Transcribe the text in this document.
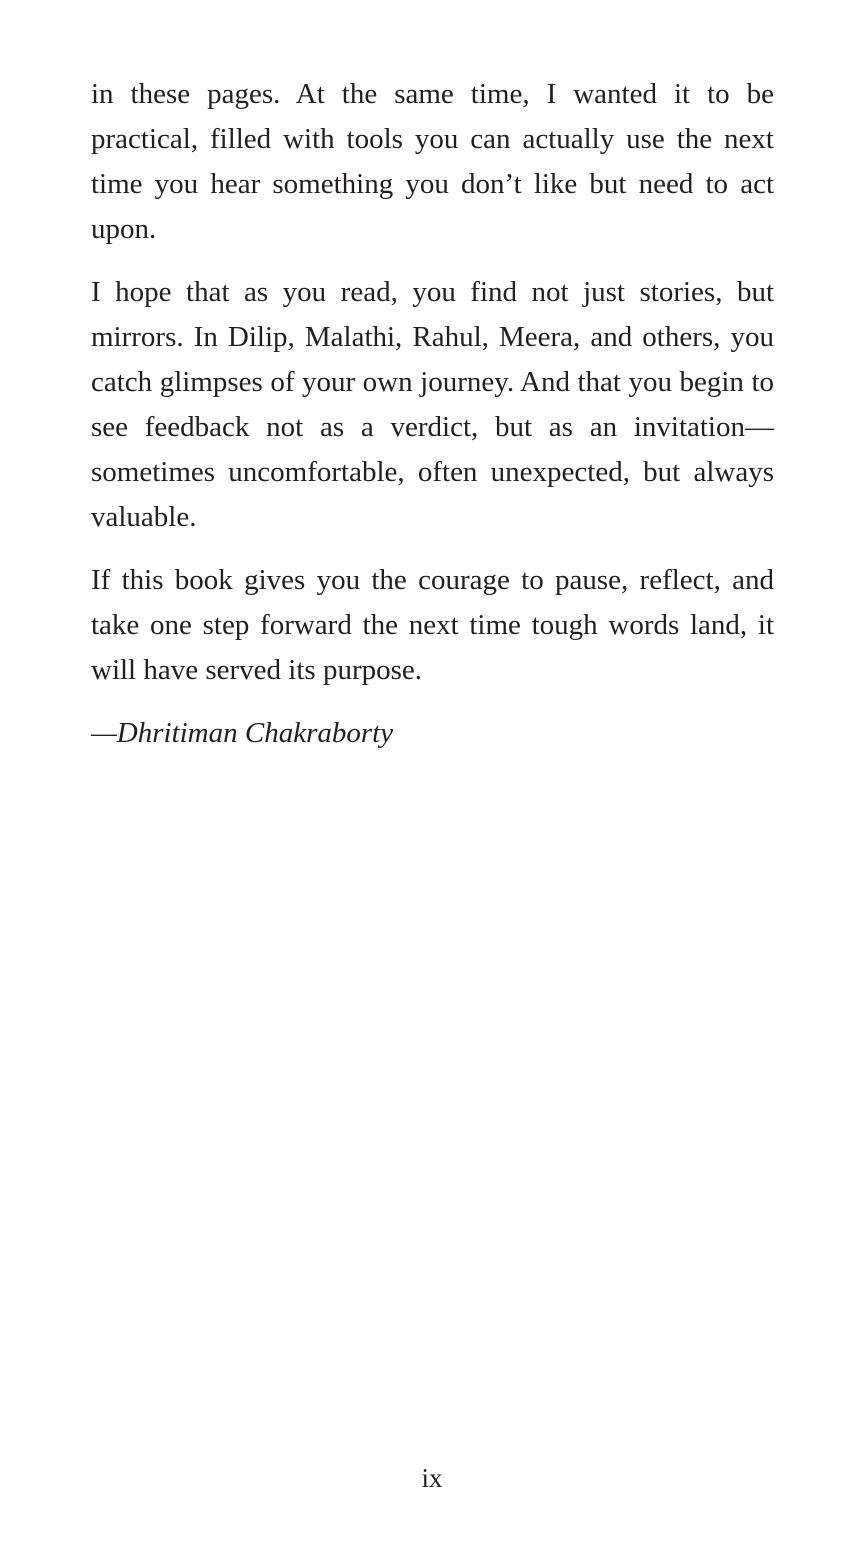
in these pages. At the same time, I wanted it to be practical, filled with tools you can actually use the next time you hear something you don’t like but need to act upon.

I hope that as you read, you find not just stories, but mirrors. In Dilip, Malathi, Rahul, Meera, and others, you catch glimpses of your own journey. And that you begin to see feedback not as a verdict, but as an invitation—sometimes uncomfortable, often unexpected, but always valuable.

If this book gives you the courage to pause, reflect, and take one step forward the next time tough words land, it will have served its purpose.

—Dhritiman Chakraborty

ix
